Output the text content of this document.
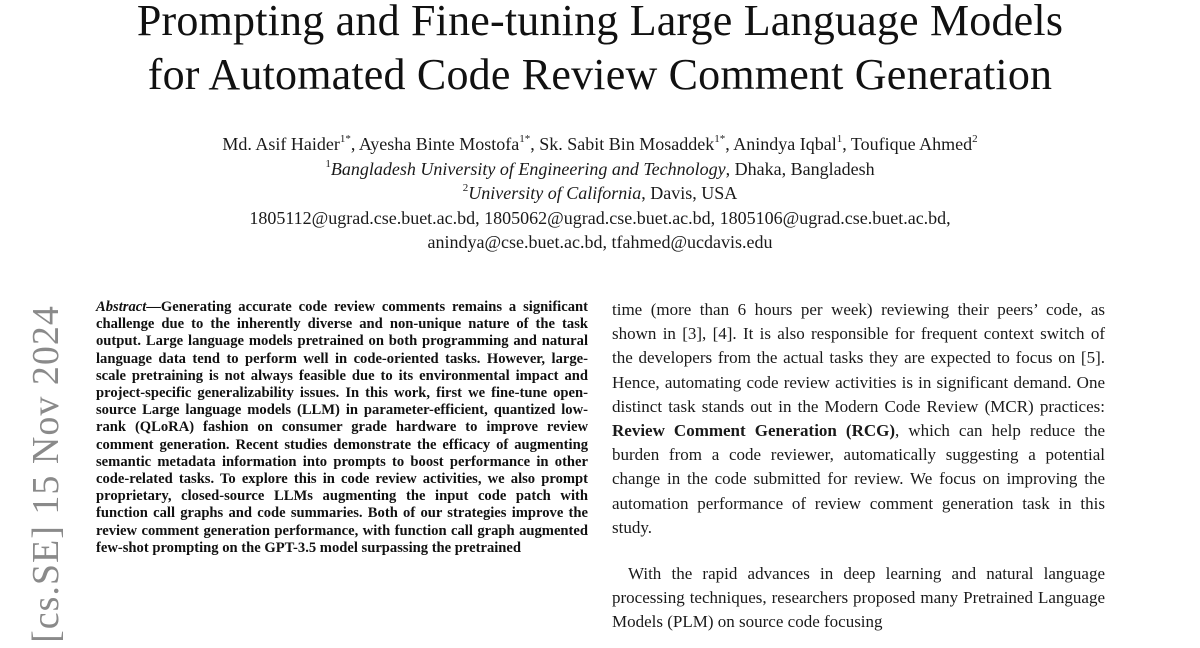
Prompting and Fine-tuning Large Language Models
for Automated Code Review Comment Generation
Md. Asif Haider$^{1*}$, Ayesha Binte Mostofa$^{1*}$, Sk. Sabit Bin Mosaddek$^{1*}$, Anindya Iqbal$^1$, Toufique Ahmed$^2$
$^1$Bangladesh University of Engineering and Technology, Dhaka, Bangladesh
$^2$University of California, Davis, USA
1805112@ugrad.cse.buet.ac.bd, 1805062@ugrad.cse.buet.ac.bd, 1805106@ugrad.cse.buet.ac.bd,
anindya@cse.buet.ac.bd, tfahmed@ucdavis.edu
[cs.SE] 15 Nov 2024 Abstract—Generating accurate code review comments remains a significant challenge due to the inherently diverse and non-unique nature of the task output. Large language models pretrained on both programming and natural language data tend to perform well in code-oriented tasks. However, large-scale pretraining is not always feasible due to its environmental impact and project-specific generalizability issues. In this work, first we fine-tune open-source Large language models (LLM) in parameter-efficient, quantized low-rank (QLoRA) fashion on consumer grade hardware to improve review comment generation. Recent studies demonstrate the efficacy of augmenting semantic metadata information into prompts to boost performance in other code-related tasks. To explore this in code review activities, we also prompt proprietary, closed-source LLMs augmenting the input code patch with function call graphs and code summaries. Both of our strategies improve the review comment generation performance, with function call graph augmented few-shot prompting on the GPT-3.5 model surpassing the pretrained

time (more than 6 hours per week) reviewing their peers’ code, as shown in [3], [4]. It is also responsible for frequent context switch of the developers from the actual tasks they are expected to focus on [5]. Hence, automating code review activities is in significant demand. One distinct task stands out in the Modern Code Review (MCR) practices: Review Comment Generation (RCG), which can help reduce the burden from a code reviewer, automatically suggesting a potential change in the code submitted for review. We focus on improving the automation performance of review comment generation task in this study.

With the rapid advances in deep learning and natural language processing techniques, researchers proposed many Pretrained Language Models (PLM) on source code focusing
